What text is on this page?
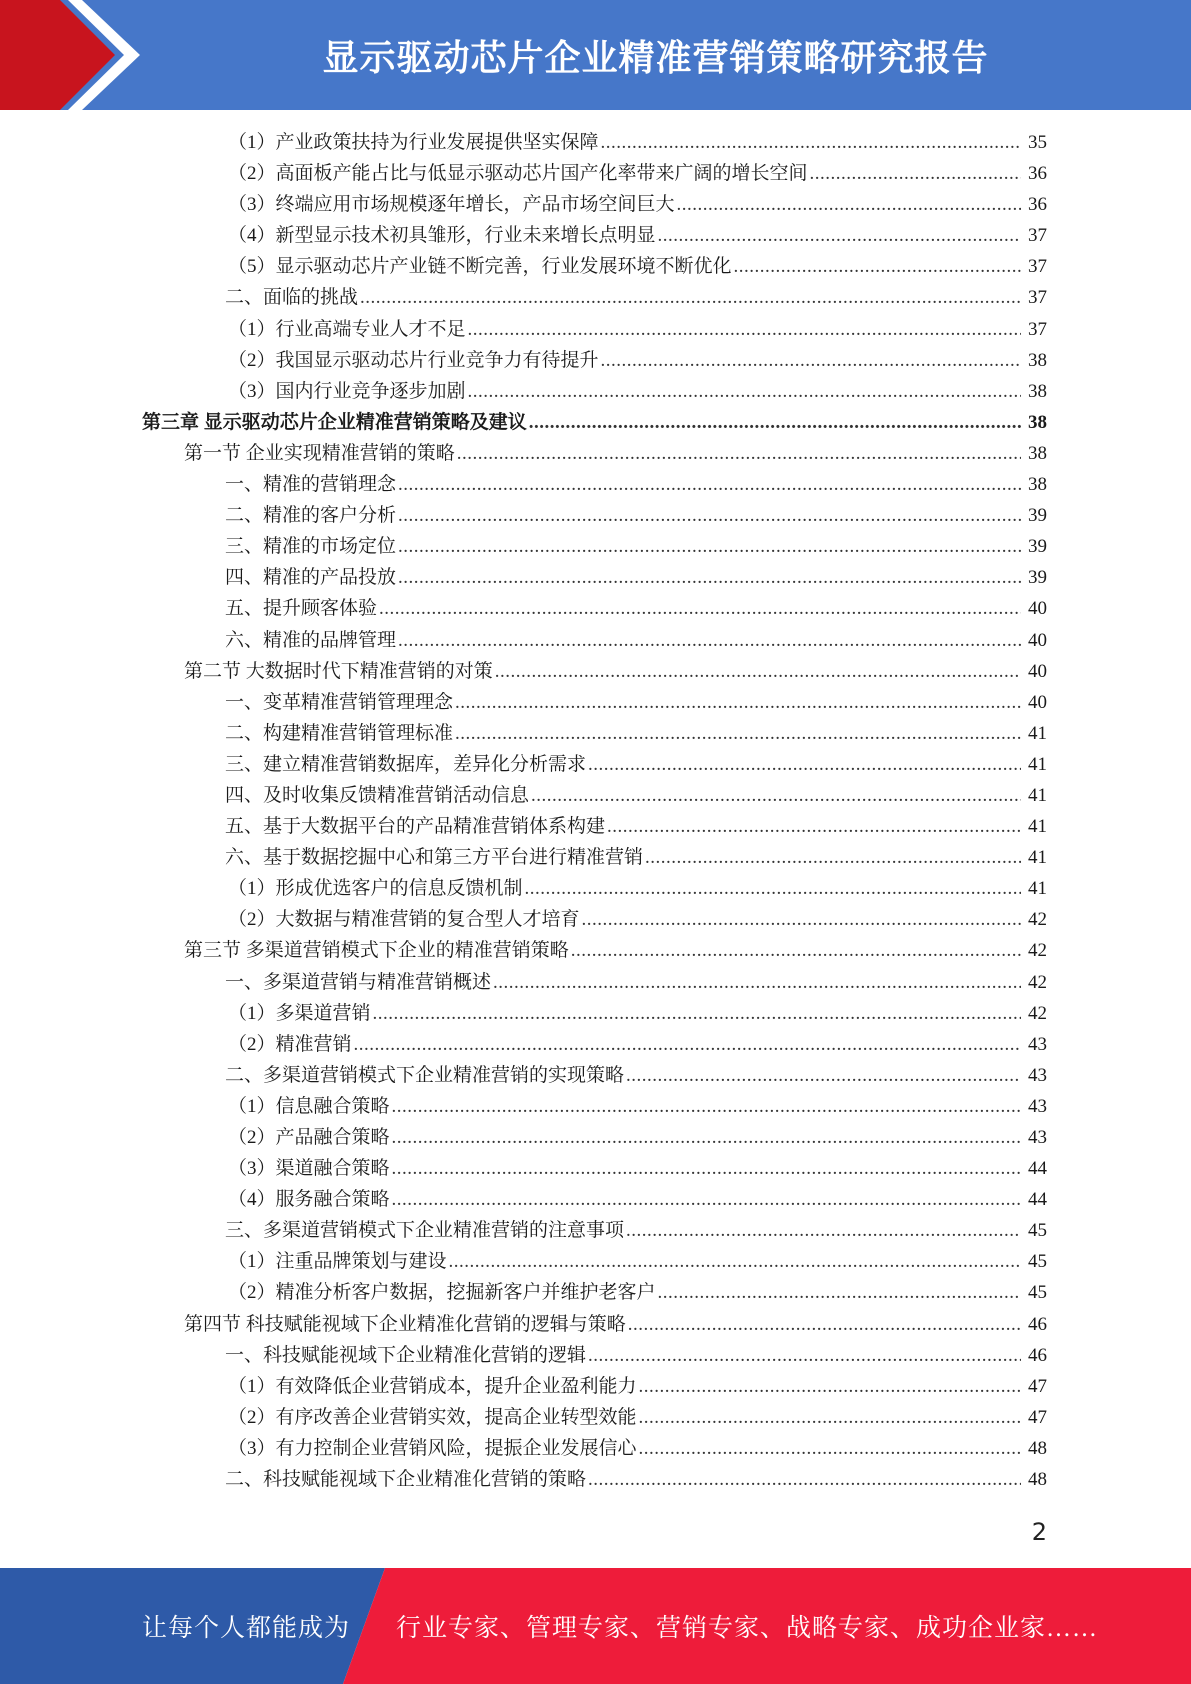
显示驱动芯片企业精准营销策略研究报告
（1）产业政策扶持为行业发展提供坚实保障 .....	35
（2）高面板产能占比与低显示驱动芯片国产化率带来广阔的增长空间 .....	36
（3）终端应用市场规模逐年增长，产品市场空间巨大 .....	36
（4）新型显示技术初具雏形，行业未来增长点明显 .....	37
（5）显示驱动芯片产业链不断完善，行业发展环境不断优化 .....	37
二、面临的挑战 .....	37
（1）行业高端专业人才不足 .....	37
（2）我国显示驱动芯片行业竞争力有待提升 .....	38
（3）国内行业竞争逐步加剧 .....	38
第三章 显示驱动芯片企业精准营销策略及建议 .....	38
第一节 企业实现精准营销的策略 .....	38
一、精准的营销理念 .....	38
二、精准的客户分析 .....	39
三、精准的市场定位 .....	39
四、精准的产品投放 .....	39
五、提升顾客体验 .....	40
六、精准的品牌管理 .....	40
第二节 大数据时代下精准营销的对策 .....	40
一、变革精准营销管理理念 .....	40
二、构建精准营销管理标准 .....	41
三、建立精准营销数据库，差异化分析需求 .....	41
四、及时收集反馈精准营销活动信息 .....	41
五、基于大数据平台的产品精准营销体系构建 .....	41
六、基于数据挖掘中心和第三方平台进行精准营销 .....	41
（1）形成优选客户的信息反馈机制 .....	41
（2）大数据与精准营销的复合型人才培育 .....	42
第三节 多渠道营销模式下企业的精准营销策略 .....	42
一、多渠道营销与精准营销概述 .....	42
（1）多渠道营销 .....	42
（2）精准营销 .....	43
二、多渠道营销模式下企业精准营销的实现策略 .....	43
（1）信息融合策略 .....	43
（2）产品融合策略 .....	43
（3）渠道融合策略 .....	44
（4）服务融合策略 .....	44
三、多渠道营销模式下企业精准营销的注意事项 .....	45
（1）注重品牌策划与建设 .....	45
（2）精准分析客户数据，挖掘新客户并维护老客户 .....	45
第四节 科技赋能视域下企业精准化营销的逻辑与策略 .....	46
一、科技赋能视域下企业精准化营销的逻辑 .....	46
（1）有效降低企业营销成本，提升企业盈利能力 .....	47
（2）有序改善企业营销实效，提高企业转型效能 .....	47
（3）有力控制企业营销风险，提振企业发展信心 .....	48
二、科技赋能视域下企业精准化营销的策略 .....	48
2
让每个人都能成为 行业专家、管理专家、营销专家、战略专家、成功企业家……
